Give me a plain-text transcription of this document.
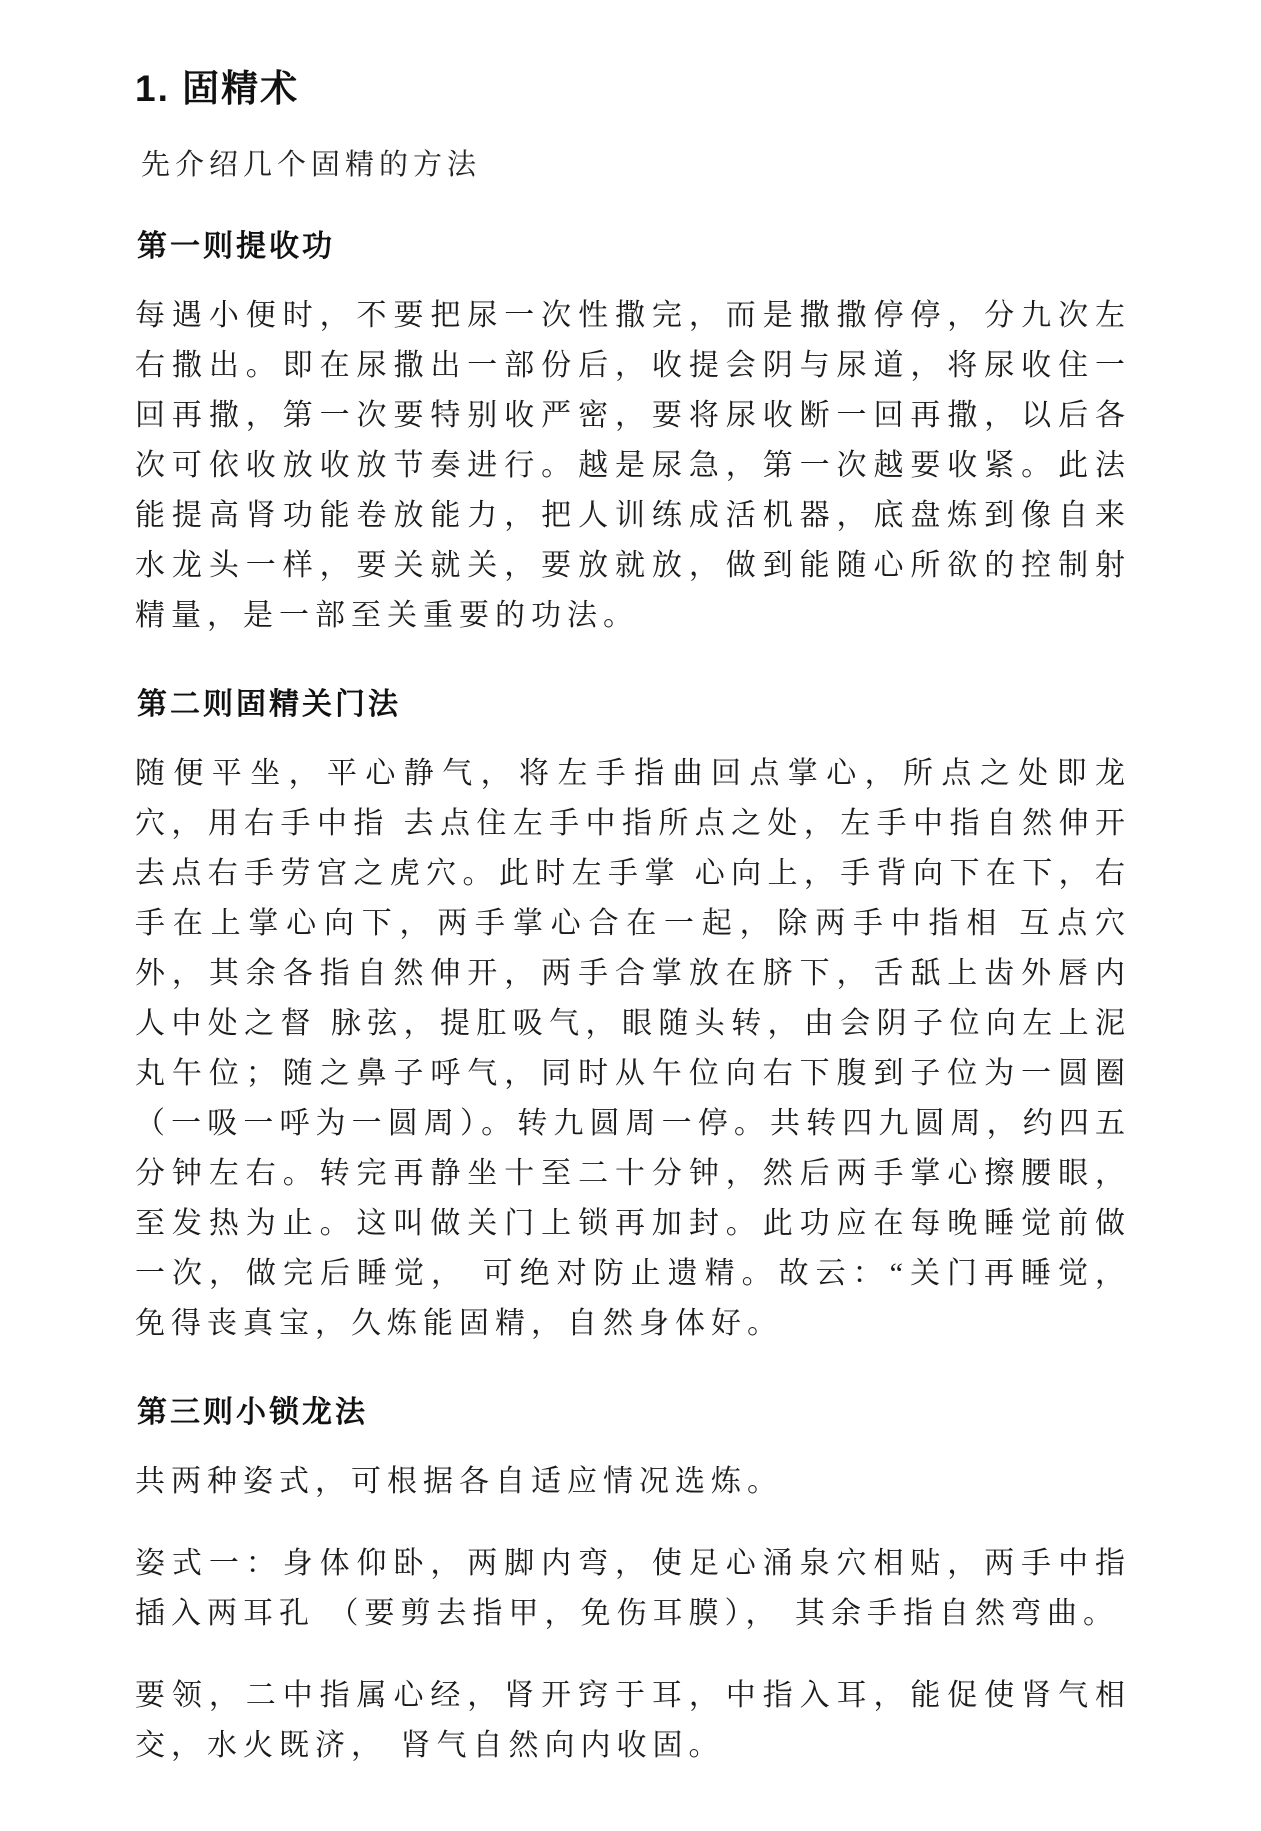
1. 固精术

先介绍几个固精的方法

第一则提收功

每遇小便时，不要把尿一次性撒完，而是撒撒停停，分九次左右撒出。即在尿撒出一部份后，收提会阴与尿道，将尿收住一回再撒，第一次要特别收严密，要将尿收断一回再撒，以后各次可依收放收放节奏进行。越是尿急，第一次越要收紧。此法能提高肾功能卷放能力，把人训练成活机器，底盘炼到像自来水龙头一样，要关就关，要放就放，做到能随心所欲的控制射精量，是一部至关重要的功法。

第二则固精关门法

随便平坐，平心静气，将左手指曲回点掌心，所点之处即龙穴，用右手中指 去点住左手中指所点之处，左手中指自然伸开去点右手劳宫之虎穴。此时左手掌 心向上，手背向下在下，右手在上掌心向下，两手掌心合在一起，除两手中指相 互点穴外，其余各指自然伸开，两手合掌放在脐下，舌舐上齿外唇内人中处之督 脉弦，提肛吸气，眼随头转，由会阴子位向左上泥丸午位；随之鼻子呼气，同时从午位向右下腹到子位为一圆圈（一吸一呼为一圆周）。转九圆周一停。共转四九圆周，约四五分钟左右。转完再静坐十至二十分钟，然后两手掌心擦腰眼， 至发热为止。这叫做关门上锁再加封。此功应在每晚睡觉前做一次，做完后睡觉， 可绝对防止遗精。故云：“关门再睡觉，免得丧真宝，久炼能固精，自然身体好。

第三则小锁龙法

共两种姿式，可根据各自适应情况选炼。

姿式一：身体仰卧，两脚内弯，使足心涌泉穴相贴，两手中指插入两耳孔 （要剪去指甲，免伤耳膜）， 其余手指自然弯曲。

要领，二中指属心经，肾开窍于耳，中指入耳，能促使肾气相交，水火既济， 肾气自然向内收固。
